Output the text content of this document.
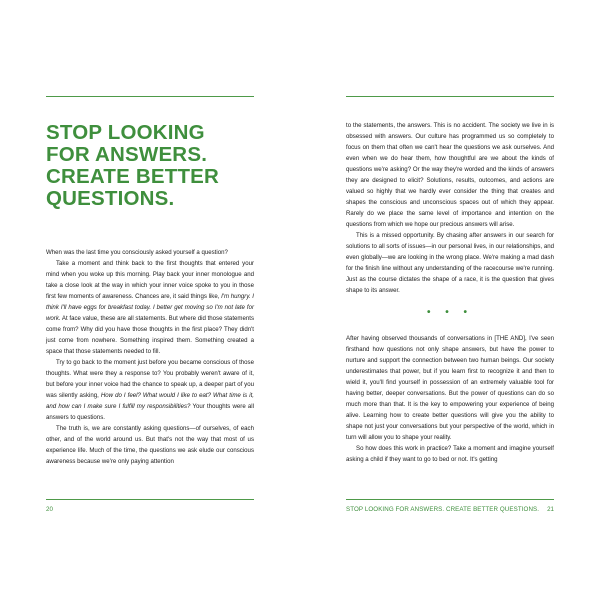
STOP LOOKING
FOR ANSWERS.
CREATE BETTER
QUESTIONS.

When was the last time you consciously asked yourself a question?

Take a moment and think back to the first thoughts that entered your mind when you woke up this morning. Play back your inner monologue and take a close look at the way in which your inner voice spoke to you in those first few moments of awareness. Chances are, it said things like, I'm hungry. I think I'll have eggs for breakfast today. I better get moving so I'm not late for work. At face value, these are all statements. But where did those statements come from? Why did you have those thoughts in the first place? They didn't just come from nowhere. Something inspired them. Something created a space that those statements needed to fill.

Try to go back to the moment just before you became conscious of those thoughts. What were they a response to? You probably weren't aware of it, but before your inner voice had the chance to speak up, a deeper part of you was silently asking, How do I feel? What would I like to eat? What time is it, and how can I make sure I fulfill my responsibilities? Your thoughts were all answers to questions.

The truth is, we are constantly asking questions—of ourselves, of each other, and of the world around us. But that's not the way that most of us experience life. Much of the time, the questions we ask elude our conscious awareness because we're only paying attention

20

to the statements, the answers. This is no accident. The society we live in is obsessed with answers. Our culture has programmed us so completely to focus on them that often we can't hear the questions we ask ourselves. And even when we do hear them, how thoughtful are we about the kinds of questions we're asking? Or the way they're worded and the kinds of answers they are designed to elicit? Solutions, results, outcomes, and actions are valued so highly that we hardly ever consider the thing that creates and shapes the conscious and unconscious spaces out of which they appear. Rarely do we place the same level of importance and intention on the questions from which we hope our precious answers will arise.

This is a missed opportunity. By chasing after answers in our search for solutions to all sorts of issues—in our personal lives, in our relationships, and even globally—we are looking in the wrong place. We're making a mad dash for the finish line without any understanding of the racecourse we're running. Just as the course dictates the shape of a race, it is the question that gives shape to its answer.

• • •

After having observed thousands of conversations in [THE AND], I've seen firsthand how questions not only shape answers, but have the power to nurture and support the connection between two human beings. Our society underestimates that power, but if you learn first to recognize it and then to wield it, you'll find yourself in possession of an extremely valuable tool for having better, deeper conversations. But the power of questions can do so much more than that. It is the key to empowering your experience of being alive. Learning how to create better questions will give you the ability to shape not just your conversations but your perspective of the world, which in turn will allow you to shape your reality.

So how does this work in practice? Take a moment and imagine yourself asking a child if they want to go to bed or not. It's getting

STOP LOOKING FOR ANSWERS. CREATE BETTER QUESTIONS. 21
